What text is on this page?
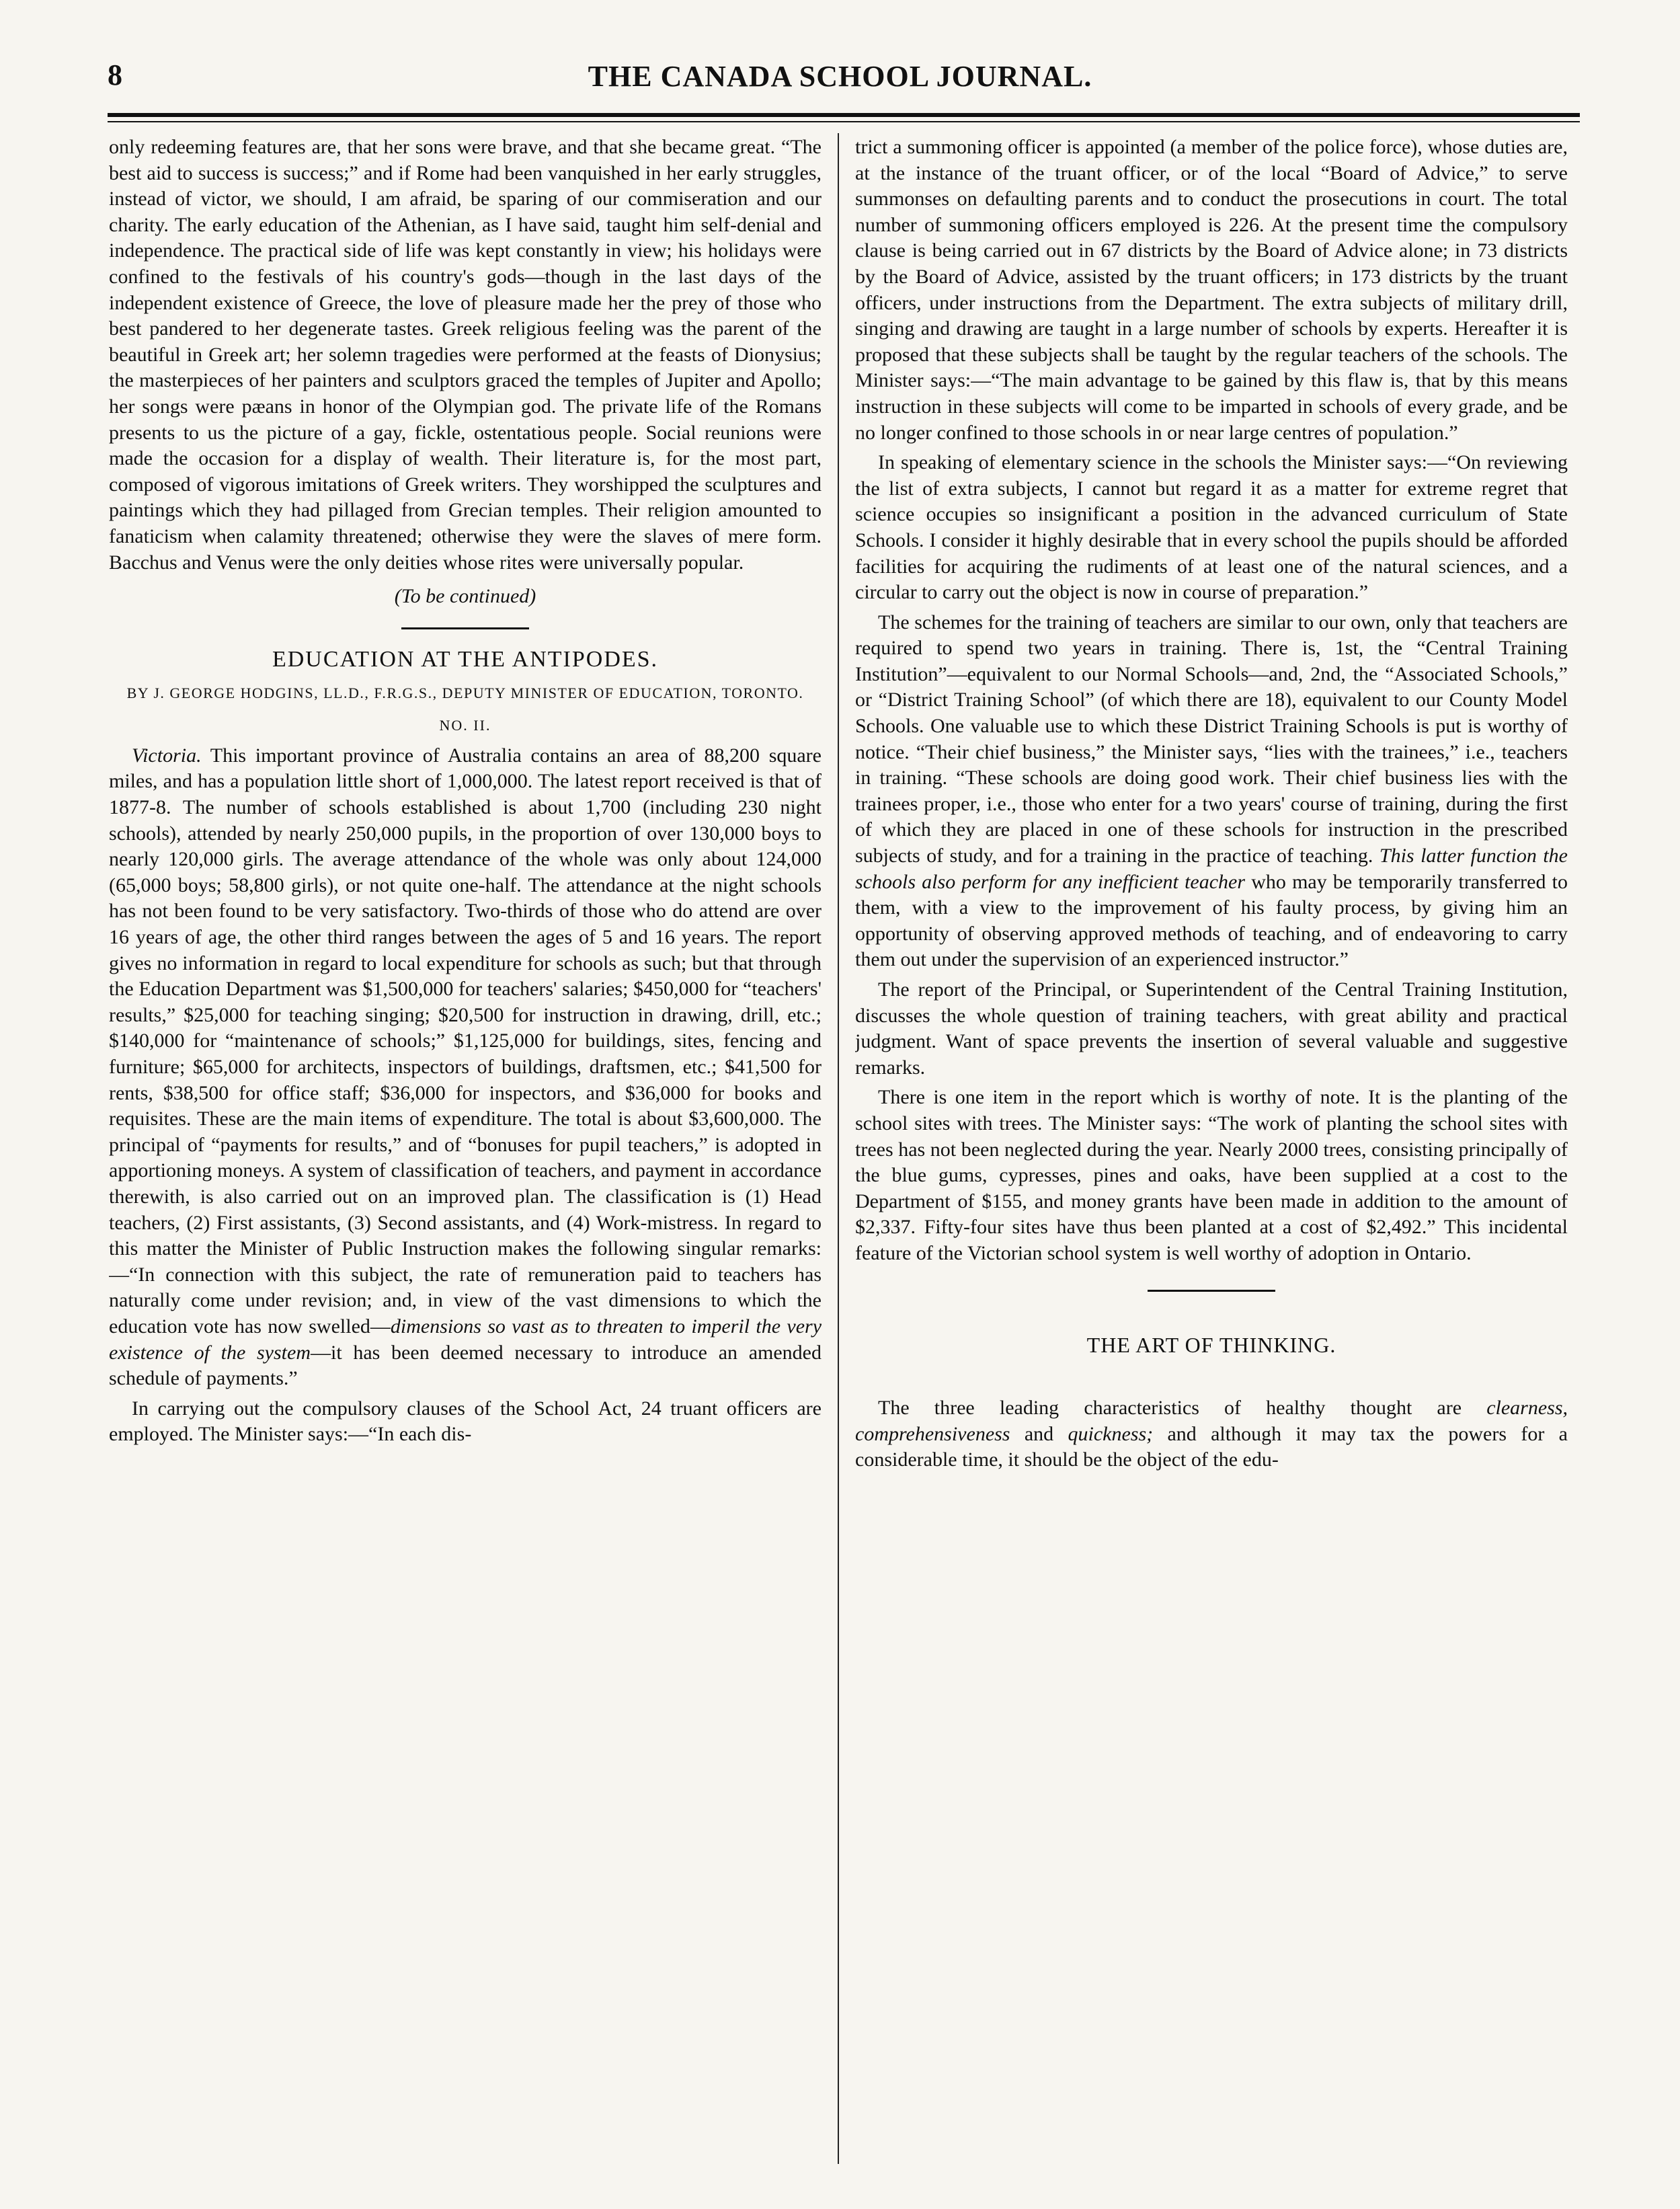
8	THE CANADA SCHOOL JOURNAL.

only redeeming features are, that her sons were brave, and that she became great. “The best aid to success is success;” and if Rome had been vanquished in her early struggles, instead of victor, we should, I am afraid, be sparing of our commiseration and our charity. The early education of the Athenian, as I have said, taught him self-denial and independence. The practical side of life was kept constantly in view; his holidays were confined to the festivals of his country's gods—though in the last days of the independent existence of Greece, the love of pleasure made her the prey of those who best pandered to her degenerate tastes. Greek religious feeling was the parent of the beautiful in Greek art; her solemn tragedies were performed at the feasts of Dionysius; the masterpieces of her painters and sculptors graced the temples of Jupiter and Apollo; her songs were pæans in honor of the Olympian god. The private life of the Romans presents to us the picture of a gay, fickle, ostentatious people. Social reunions were made the occasion for a display of wealth. Their literature is, for the most part, composed of vigorous imitations of Greek writers. They worshipped the sculptures and paintings which they had pillaged from Grecian temples. Their religion amounted to fanaticism when calamity threatened; otherwise they were the slaves of mere form. Bacchus and Venus were the only deities whose rites were universally popular.

(To be continued)

EDUCATION AT THE ANTIPODES.

BY J. GEORGE HODGINS, LL.D., F.R.G.S., DEPUTY MINISTER OF EDUCATION, TORONTO.

NO. II.

Victoria. This important province of Australia contains an area of 88,200 square miles, and has a population little short of 1,000,000. The latest report received is that of 1877-8. The number of schools established is about 1,700 (including 230 night schools), attended by nearly 250,000 pupils, in the proportion of over 130,000 boys to nearly 120,000 girls. The average attendance of the whole was only about 124,000 (65,000 boys; 58,800 girls), or not quite one-half. The attendance at the night schools has not been found to be very satisfactory. Two-thirds of those who do attend are over 16 years of age, the other third ranges between the ages of 5 and 16 years. The report gives no information in regard to local expenditure for schools as such; but that through the Education Department was $1,500,000 for teachers' salaries; $450,000 for “teachers' results,” $25,000 for teaching singing; $20,500 for instruction in drawing, drill, etc.; $140,000 for “maintenance of schools;” $1,125,000 for buildings, sites, fencing and furniture; $65,000 for architects, inspectors of buildings, draftsmen, etc.; $41,500 for rents, $38,500 for office staff; $36,000 for inspectors, and $36,000 for books and requisites. These are the main items of expenditure. The total is about $3,600,000. The principal of “payments for results,” and of “bonuses for pupil teachers,” is adopted in apportioning moneys. A system of classification of teachers, and payment in accordance therewith, is also carried out on an improved plan. The classification is (1) Head teachers, (2) First assistants, (3) Second assistants, and (4) Work-mistress. In regard to this matter the Minister of Public Instruction makes the following singular remarks:—“In connection with this subject, the rate of remuneration paid to teachers has naturally come under revision; and, in view of the vast dimensions to which the education vote has now swelled—dimensions so vast as to threaten to imperil the very existence of the system—it has been deemed necessary to introduce an amended schedule of payments.”

In carrying out the compulsory clauses of the School Act, 24 truant officers are employed. The Minister says:—“In each dis-

trict a summoning officer is appointed (a member of the police force), whose duties are, at the instance of the truant officer, or of the local “Board of Advice,” to serve summonses on defaulting parents and to conduct the prosecutions in court. The total number of summoning officers employed is 226. At the present time the compulsory clause is being carried out in 67 districts by the Board of Advice alone; in 73 districts by the Board of Advice, assisted by the truant officers; in 173 districts by the truant officers, under instructions from the Department. The extra subjects of military drill, singing and drawing are taught in a large number of schools by experts. Hereafter it is proposed that these subjects shall be taught by the regular teachers of the schools. The Minister says:—“The main advantage to be gained by this flaw is, that by this means instruction in these subjects will come to be imparted in schools of every grade, and be no longer confined to those schools in or near large centres of population.”

In speaking of elementary science in the schools the Minister says:—“On reviewing the list of extra subjects, I cannot but regard it as a matter for extreme regret that science occupies so insignificant a position in the advanced curriculum of State Schools. I consider it highly desirable that in every school the pupils should be afforded facilities for acquiring the rudiments of at least one of the natural sciences, and a circular to carry out the object is now in course of preparation.”

The schemes for the training of teachers are similar to our own, only that teachers are required to spend two years in training. There is, 1st, the “Central Training Institution”—equivalent to our Normal Schools—and, 2nd, the “Associated Schools,” or “District Training School” (of which there are 18), equivalent to our County Model Schools. One valuable use to which these District Training Schools is put is worthy of notice. “Their chief business,” the Minister says, “lies with the trainees,” i.e., teachers in training. “These schools are doing good work. Their chief business lies with the trainees proper, i.e., those who enter for a two years' course of training, during the first of which they are placed in one of these schools for instruction in the prescribed subjects of study, and for a training in the practice of teaching. This latter function the schools also perform for any inefficient teacher who may be temporarily transferred to them, with a view to the improvement of his faulty process, by giving him an opportunity of observing approved methods of teaching, and of endeavoring to carry them out under the supervision of an experienced instructor.”

The report of the Principal, or Superintendent of the Central Training Institution, discusses the whole question of training teachers, with great ability and practical judgment. Want of space prevents the insertion of several valuable and suggestive remarks.

There is one item in the report which is worthy of note. It is the planting of the school sites with trees. The Minister says: “The work of planting the school sites with trees has not been neglected during the year. Nearly 2000 trees, consisting principally of the blue gums, cypresses, pines and oaks, have been supplied at a cost to the Department of $155, and money grants have been made in addition to the amount of $2,337. Fifty-four sites have thus been planted at a cost of $2,492.” This incidental feature of the Victorian school system is well worthy of adoption in Ontario.

THE ART OF THINKING.

The three leading characteristics of healthy thought are clearness, comprehensiveness and quickness; and although it may tax the powers for a considerable time, it should be the object of the edu-
